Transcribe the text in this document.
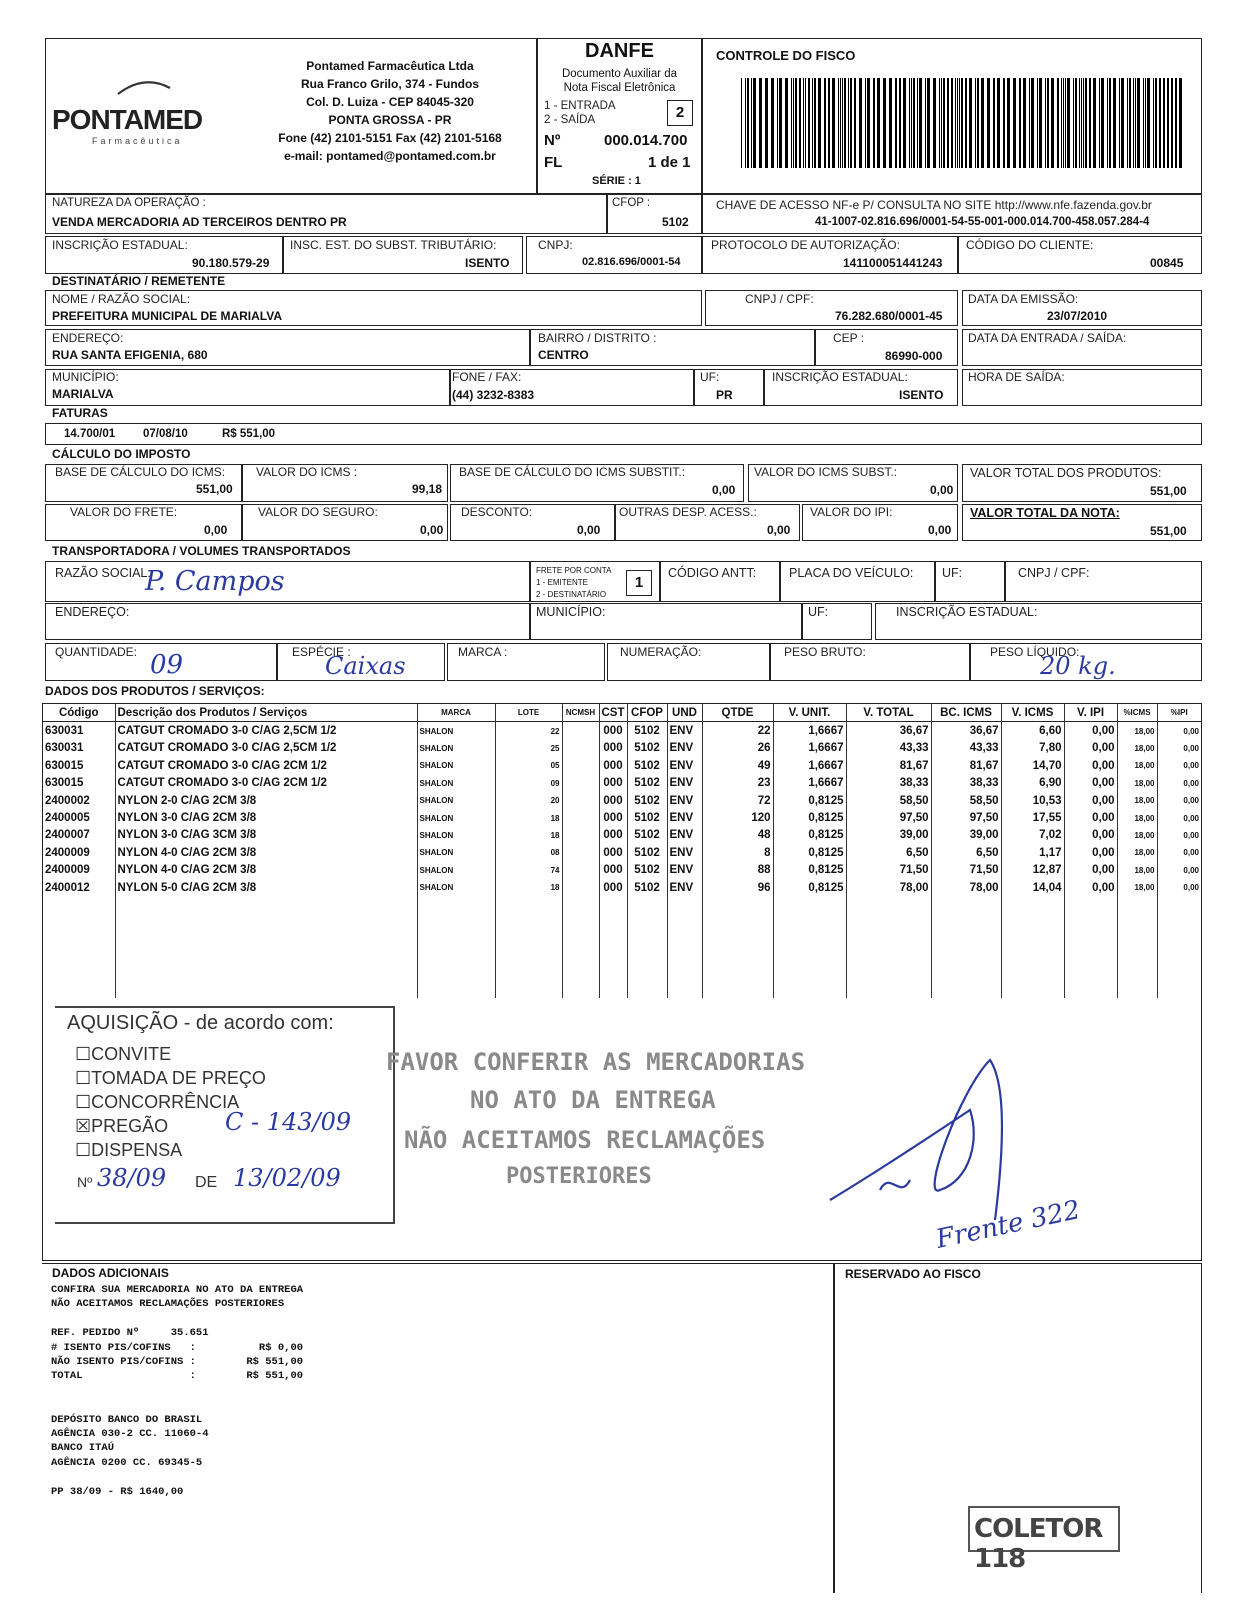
PONTAMED
Farmacêutica
Pontamed Farmacêutica Ltda
Rua Franco Grilo, 374 - Fundos
Col. D. Luiza - CEP 84045-320
PONTA GROSSA - PR
Fone (42) 2101-5151 Fax (42) 2101-5168
e-mail: pontamed@pontamed.com.br
DANFE
Documento Auxiliar da
Nota Fiscal Eletrônica
1 - ENTRADA
2 - SAÍDA	2
Nº	000.014.700
FL	1 de 1
SÉRIE : 1
CONTROLE DO FISCO
NATUREZA DA OPERAÇÃO :
VENDA MERCADORIA AD TERCEIROS DENTRO PR
CFOP :
5102
CHAVE DE ACESSO NF-e P/ CONSULTA NO SITE http://www.nfe.fazenda.gov.br
41-1007-02.816.696/0001-54-55-001-000.014.700-458.057.284-4
INSCRIÇÃO ESTADUAL:
90.180.579-29
INSC. EST. DO SUBST. TRIBUTÁRIO:
ISENTO
CNPJ:
02.816.696/0001-54
PROTOCOLO DE AUTORIZAÇÃO:
141100051441243
CÓDIGO DO CLIENTE:
00845
DESTINATÁRIO / REMETENTE
NOME / RAZÃO SOCIAL:
PREFEITURA MUNICIPAL DE MARIALVA
CNPJ / CPF:
76.282.680/0001-45
DATA DA EMISSÃO:
23/07/2010
ENDEREÇO:
RUA SANTA EFIGENIA, 680
BAIRRO / DISTRITO :
CENTRO
CEP :
86990-000
DATA DA ENTRADA / SAÍDA:
MUNICÍPIO:
MARIALVA
FONE / FAX:
(44) 3232-8383
UF:
PR
INSCRIÇÃO ESTADUAL:
ISENTO
HORA DE SAÍDA:
FATURAS
14.700/01 07/08/10	R$ 551,00
CÁLCULO DO IMPOSTO
BASE DE CÁLCULO DO ICMS:
551,00
VALOR DO ICMS :
99,18
BASE DE CÁLCULO DO ICMS SUBSTIT.:
0,00
VALOR DO ICMS SUBST.:
0,00
VALOR TOTAL DOS PRODUTOS:
551,00
VALOR DO FRETE:
0,00
VALOR DO SEGURO:
0,00
DESCONTO:
0,00
OUTRAS DESP. ACESS.:
0,00
VALOR DO IPI:
0,00
VALOR TOTAL DA NOTA:
551,00
TRANSPORTADORA / VOLUMES TRANSPORTADOS
RAZÃO SOCIAL:
P. Campos	FRETE POR CONTA
1 - EMITENTE
2 - DESTINATÁRIO
1
CÓDIGO ANTT:	PLACA DO VEÍCULO: UF:	CNPJ / CPF:
ENDEREÇO:	MUNICÍPIO:	UF:	INSCRIÇÃO ESTADUAL:
QUANTIDADE: 09	ESPÉCIE :
Caixas	MARCA :	NUMERAÇÃO:	PESO BRUTO:	PESO LÍQUIDO:
20 kg.
DADOS DOS PRODUTOS / SERVIÇOS:
Código	Descrição dos Produtos / Serviços	MARCA	LOTE	NCMSH	CST	CFOP	UND	QTDE	V. UNIT.	V. TOTAL	BC. ICMS	V. ICMS	V. IPI	%ICMS	%IPI
630031	CATGUT CROMADO 3-0 C/AG 2,5CM 1/2	SHALON	22		000	5102	ENV	22	1,6667	36,67	36,67	6,60	0,00	18,00	0,00
630031	CATGUT CROMADO 3-0 C/AG 2,5CM 1/2	SHALON	25		000	5102	ENV	26	1,6667	43,33	43,33	7,80	0,00	18,00	0,00
630015	CATGUT CROMADO 3-0 C/AG 2CM 1/2	SHALON	05		000	5102	ENV	49	1,6667	81,67	81,67	14,70	0,00	18,00	0,00
630015	CATGUT CROMADO 3-0 C/AG 2CM 1/2	SHALON	09		000	5102	ENV	23	1,6667	38,33	38,33	6,90	0,00	18,00	0,00
2400002	NYLON 2-0 C/AG 2CM 3/8	SHALON	20		000	5102	ENV	72	0,8125	58,50	58,50	10,53	0,00	18,00	0,00
2400005	NYLON 3-0 C/AG 2CM 3/8	SHALON	18		000	5102	ENV	120	0,8125	97,50	97,50	17,55	0,00	18,00	0,00
2400007	NYLON 3-0 C/AG 3CM 3/8	SHALON	18		000	5102	ENV	48	0,8125	39,00	39,00	7,02	0,00	18,00	0,00
2400009	NYLON 4-0 C/AG 2CM 3/8	SHALON	08		000	5102	ENV	8	0,8125	6,50	6,50	1,17	0,00	18,00	0,00
2400009	NYLON 4-0 C/AG 2CM 3/8	SHALON	74		000	5102	ENV	88	0,8125	71,50	71,50	12,87	0,00	18,00	0,00
2400012	NYLON 5-0 C/AG 2CM 3/8	SHALON	18		000	5102	ENV	96	0,8125	78,00	78,00	14,04	0,00	18,00	0,00

AQUISIÇÃO - de acordo com:
☐CONVITE
☐TOMADA DE PREÇO
☐CONCORRÊNCIA
☒PREGÃO
☐DISPENSA
C - 143/09
Nº 38/09 DE 13/02/09
FAVOR CONFERIR AS MERCADORIAS
NO ATO DA ENTREGA
NÃO ACEITAMOS RECLAMAÇÕES
POSTERIORES
Frente 322
DADOS ADICIONAIS	RESERVADO AO FISCO
CONFIRA SUA MERCADORIA NO ATO DA ENTREGA
NÃO ACEITAMOS RECLAMAÇÕES POSTERIORES
REF. PEDIDO Nº     35.651
# ISENTO PIS/COFINS   :          R$ 0,00
NÃO ISENTO PIS/COFINS :        R$ 551,00
TOTAL                 :        R$ 551,00
DEPÓSITO BANCO DO BRASIL
AGÊNCIA 030-2 CC. 11060-4
BANCO ITAÚ
AGÊNCIA 0200 CC. 69345-5
PP 38/09 - R$ 1640,00
COLETOR 118
